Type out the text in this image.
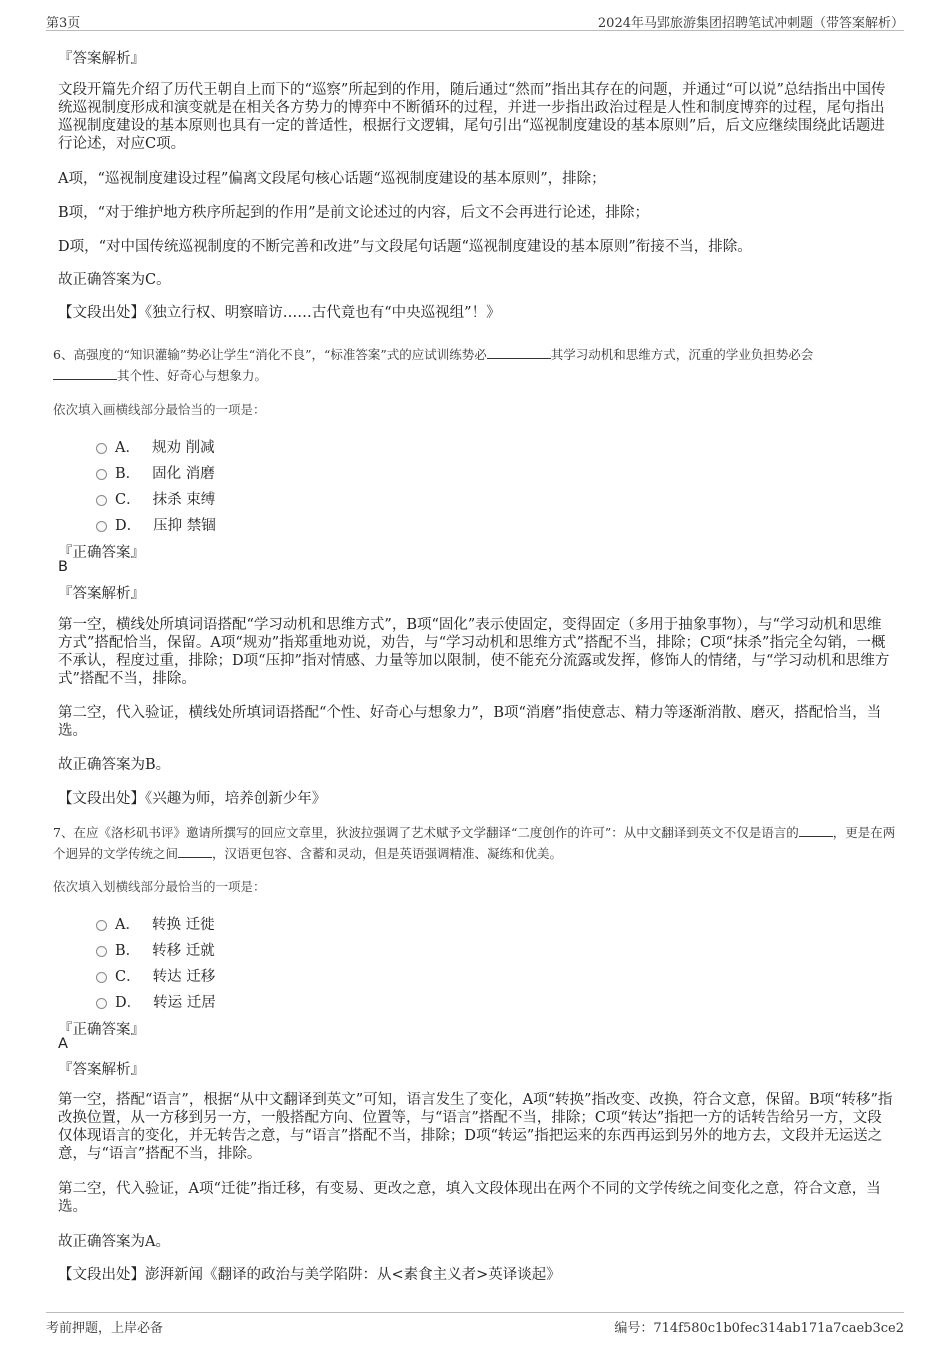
第3页	2024年马郢旅游集团招聘笔试冲刺题（带答案解析）
『答案解析』
文段开篇先介绍了历代王朝自上而下的“巡察”所起到的作用，随后通过“然而”指出其存在的问题，并通过“可以说”总结指出中国传统巡视制度形成和演变就是在相关各方势力的博弈中不断循环的过程，并进一步指出政治过程是人性和制度博弈的过程，尾句指出巡视制度建设的基本原则也具有一定的普适性，根据行文逻辑，尾句引出“巡视制度建设的基本原则”后，后文应继续围绕此话题进行论述，对应C项。
A项，“巡视制度建设过程”偏离文段尾句核心话题“巡视制度建设的基本原则”，排除；
B项，“对于维护地方秩序所起到的作用”是前文论述过的内容，后文不会再进行论述，排除；
D项，“对中国传统巡视制度的不断完善和改进”与文段尾句话题“巡视制度建设的基本原则”衔接不当，排除。
故正确答案为C。
【文段出处】《独立行权、明察暗访……古代竟也有“中央巡视组”！》
6、高强度的“知识灌输”势必让学生“消化不良”，“标准答案”式的应试训练势必	其学习动机和思维方式，沉重的学业负担势必会
其个性、好奇心与想象力。
依次填入画横线部分最恰当的一项是：
A． 规劝 削减
B． 固化 消磨
C． 抹杀 束缚
D． 压抑 禁锢
『正确答案』
B
『答案解析』
第一空，横线处所填词语搭配“学习动机和思维方式”，B项“固化”表示使固定，变得固定（多用于抽象事物），与“学习动机和思维方式”搭配恰当，保留。A项“规劝”指郑重地劝说，劝告，与“学习动机和思维方式”搭配不当，排除；C项“抹杀”指完全勾销，一概不承认，程度过重，排除；D项“压抑”指对情感、力量等加以限制，使不能充分流露或发挥，修饰人的情绪，与“学习动机和思维方式”搭配不当，排除。
第二空，代入验证，横线处所填词语搭配“个性、好奇心与想象力”，B项“消磨”指使意志、精力等逐渐消散、磨灭，搭配恰当，当选。
故正确答案为B。
【文段出处】《兴趣为师，培养创新少年》
7、在应《洛杉矶书评》邀请所撰写的回应文章里，狄波拉强调了艺术赋予文学翻译“二度创作的许可”：从中文翻译到英文不仅是语言的	，更是在两个迥异的文学传统之间	，汉语更包容、含蓄和灵动，但是英语强调精准、凝练和优美。
依次填入划横线部分最恰当的一项是：
A． 转换 迁徙
B． 转移 迁就
C． 转达 迁移
D． 转运 迁居
『正确答案』
A
『答案解析』
第一空，搭配“语言”，根据“从中文翻译到英文”可知，语言发生了变化，A项“转换”指改变、改换，符合文意，保留。B项“转移”指改换位置，从一方移到另一方，一般搭配方向、位置等，与“语言”搭配不当，排除；C项“转达”指把一方的话转告给另一方，文段仅体现语言的变化，并无转告之意，与“语言”搭配不当，排除；D项“转运”指把运来的东西再运到另外的地方去，文段并无运送之意，与“语言”搭配不当，排除。
第二空，代入验证，A项“迁徙”指迁移，有变易、更改之意，填入文段体现出在两个不同的文学传统之间变化之意，符合文意，当选。
故正确答案为A。
【文段出处】澎湃新闻《翻译的政治与美学陷阱：从<素食主义者>英译谈起》
考前押题，上岸必备	编号：714f580c1b0fec314ab171a7caeb3ce2
